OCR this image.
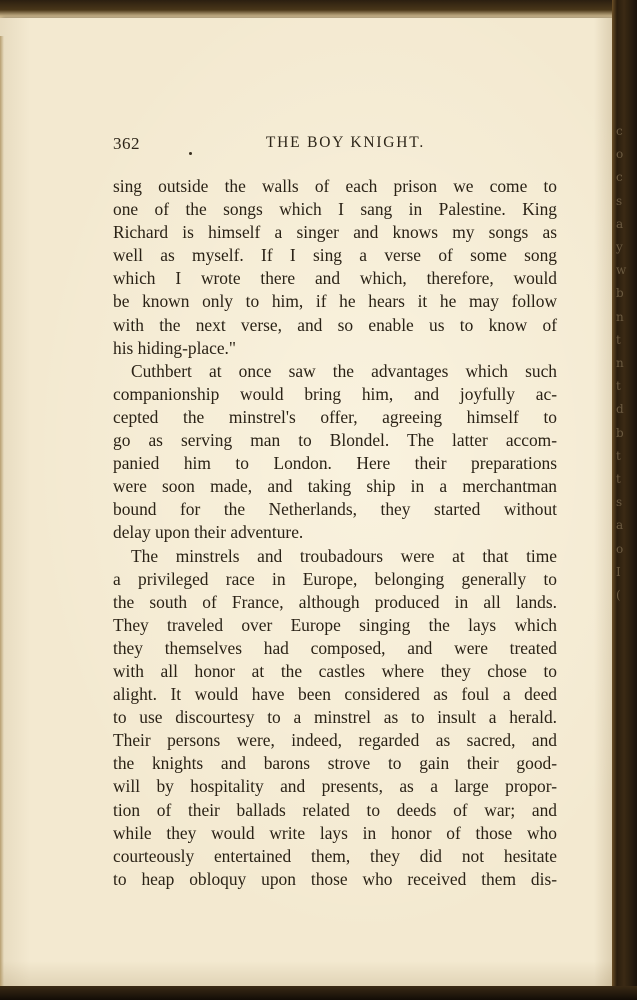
362	THE BOY KNIGHT.
sing outside the walls of each prison we come to
one of the songs which I sang in Palestine. King
Richard is himself a singer and knows my songs as
well as myself. If I sing a verse of some song
which I wrote there and which, therefore, would
be known only to him, if he hears it he may follow
with the next verse, and so enable us to know of
his hiding-place."
Cuthbert at once saw the advantages which such
companionship would bring him, and joyfully ac-
cepted the minstrel's offer, agreeing himself to
go as serving man to Blondel. The latter accom-
panied him to London. Here their preparations
were soon made, and taking ship in a merchantman
bound for the Netherlands, they started without
delay upon their adventure.
The minstrels and troubadours were at that time
a privileged race in Europe, belonging generally to
the south of France, although produced in all lands.
They traveled over Europe singing the lays which
they themselves had composed, and were treated
with all honor at the castles where they chose to
alight. It would have been considered as foul a deed
to use discourtesy to a minstrel as to insult a herald.
Their persons were, indeed, regarded as sacred, and
the knights and barons strove to gain their good-
will by hospitality and presents, as a large propor-
tion of their ballads related to deeds of war; and
while they would write lays in honor of those who
courteously entertained them, they did not hesitate
to heap obloquy upon those who received them dis-
c
o
c
s
a
y
w
b
n
t
n
t
d
b
t
t
s
a
o
I
(
